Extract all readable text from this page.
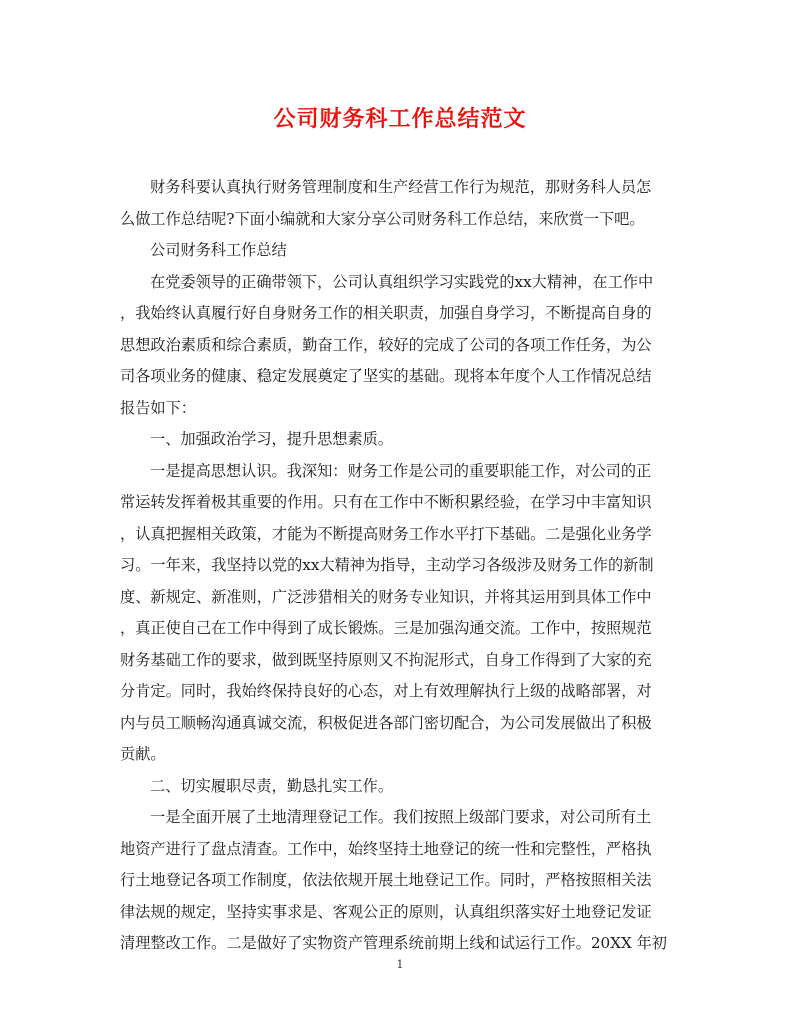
公司财务科工作总结范文
财务科要认真执行财务管理制度和生产经营工作行为规范，那财务科人员怎
么做工作总结呢?下面小编就和大家分享公司财务科工作总结，来欣赏一下吧。
公司财务科工作总结
在党委领导的正确带领下，公司认真组织学习实践党的xx大精神，在工作中
，我始终认真履行好自身财务工作的相关职责，加强自身学习，不断提高自身的
思想政治素质和综合素质，勤奋工作，较好的完成了公司的各项工作任务，为公
司各项业务的健康、稳定发展奠定了坚实的基础。现将本年度个人工作情况总结
报告如下：
一、加强政治学习，提升思想素质。
一是提高思想认识。我深知：财务工作是公司的重要职能工作，对公司的正
常运转发挥着极其重要的作用。只有在工作中不断积累经验，在学习中丰富知识
，认真把握相关政策，才能为不断提高财务工作水平打下基础。二是强化业务学
习。一年来，我坚持以党的xx大精神为指导，主动学习各级涉及财务工作的新制
度、新规定、新准则，广泛涉猎相关的财务专业知识，并将其运用到具体工作中
，真正使自己在工作中得到了成长锻炼。三是加强沟通交流。工作中，按照规范
财务基础工作的要求，做到既坚持原则又不拘泥形式，自身工作得到了大家的充
分肯定。同时，我始终保持良好的心态，对上有效理解执行上级的战略部署，对
内与员工顺畅沟通真诚交流，积极促进各部门密切配合，为公司发展做出了积极
贡献。
二、切实履职尽责，勤恳扎实工作。
一是全面开展了土地清理登记工作。我们按照上级部门要求，对公司所有土
地资产进行了盘点清查。工作中，始终坚持土地登记的统一性和完整性，严格执
行土地登记各项工作制度，依法依规开展土地登记工作。同时，严格按照相关法
律法规的规定，坚持实事求是、客观公正的原则，认真组织落实好土地登记发证
清理整改工作。二是做好了实物资产管理系统前期上线和试运行工作。20XX 年初
1
